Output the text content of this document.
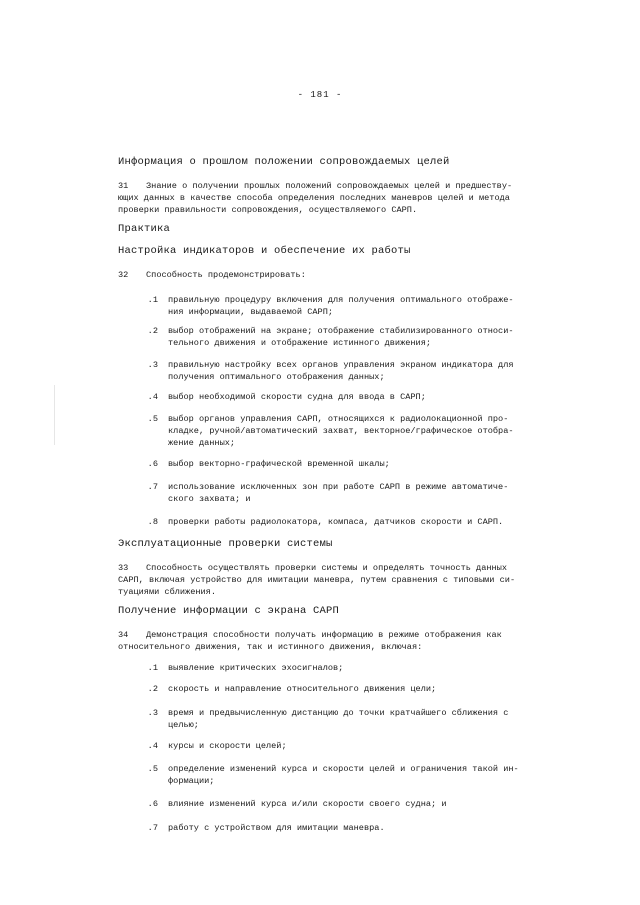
- 181 -
Информация о прошлом положении сопровождаемых целей
31	Знание о получении прошлых положений сопровождаемых целей и предшеству-

ющих данных в качестве способа определения последних маневров целей и метода

проверки правильности сопровождения, осуществляемого САРП.

Практика
Настройка индикаторов и обеспечение их работы
32	Способность продемонстрировать:

.1 правильную процедуру включения для получения оптимального отображе-
ния информации, выдаваемой САРП;
.2 выбор отображений на экране; отображение стабилизированного относи-
тельного движения и отображение истинного движения;
.3 правильную настройку всех органов управления экраном индикатора для
получения оптимального отображения данных;
.4 выбор необходимой скорости судна для ввода в САРП;
.5 выбор органов управления САРП, относящихся к радиолокационной про-
кладке, ручной/автоматический захват, векторное/графическое отобра-
жение данных;
.6 выбор векторно-графической временной шкалы;
.7 использование исключенных зон при работе САРП в режиме автоматиче-
ского захвата; и
.8 проверки работы радиолокатора, компаса, датчиков скорости и САРП.
Эксплуатационные проверки системы
33	Способность осуществлять проверки системы и определять точность данных

САРП, включая устройство для имитации маневра, путем сравнения с типовыми си-

туациями сближения.

Получение информации с экрана САРП
34	Демонстрация способности получать информацию в режиме отображения как

относительного движения, так и истинного движения, включая:

.1 выявление критических эхосигналов;
.2 скорость и направление относительного движения цели;
.3 время и предвычисленную дистанцию до точки кратчайшего сближения с
целью;
.4 курсы и скорости целей;
.5 определение изменений курса и скорости целей и ограничения такой ин-
формации;
.6 влияние изменений курса и/или скорости своего судна; и
.7 работу с устройством для имитации маневра.
